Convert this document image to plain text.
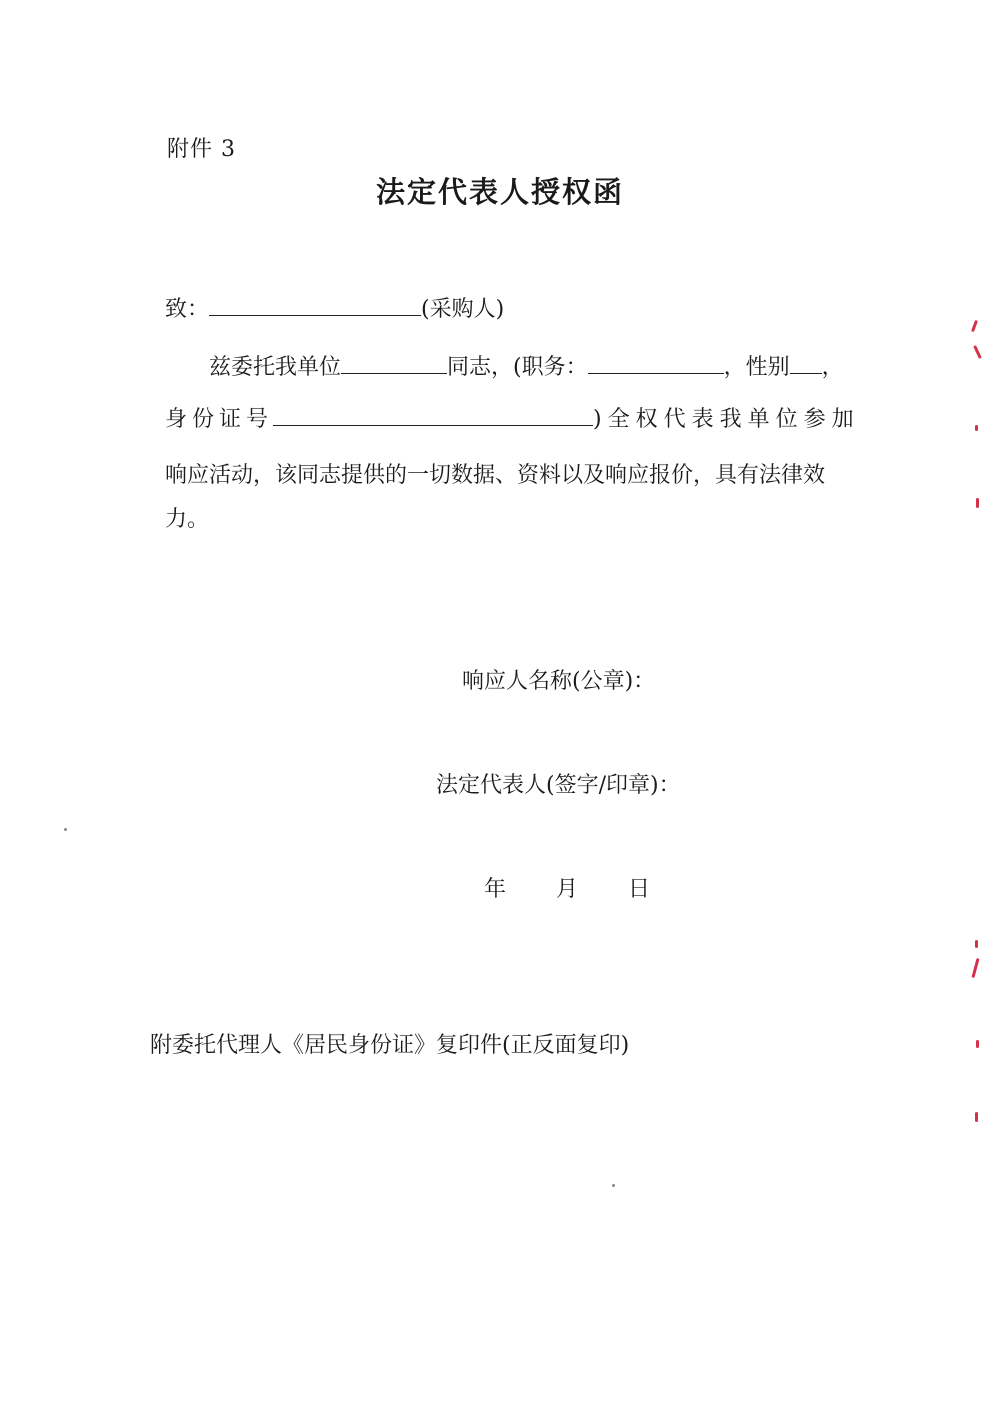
附件 3
法定代表人授权函
致：	(采购人)
兹委托我单位	同志，(职务：	，性别 ，
身份证号	)全权代表我单位参加
响应活动，该同志提供的一切数据、资料以及响应报价，具有法律效
力。
响应人名称(公章)：
法定代表人(签字/印章)：
年 月 日
附委托代理人《居民身份证》复印件(正反面复印)
